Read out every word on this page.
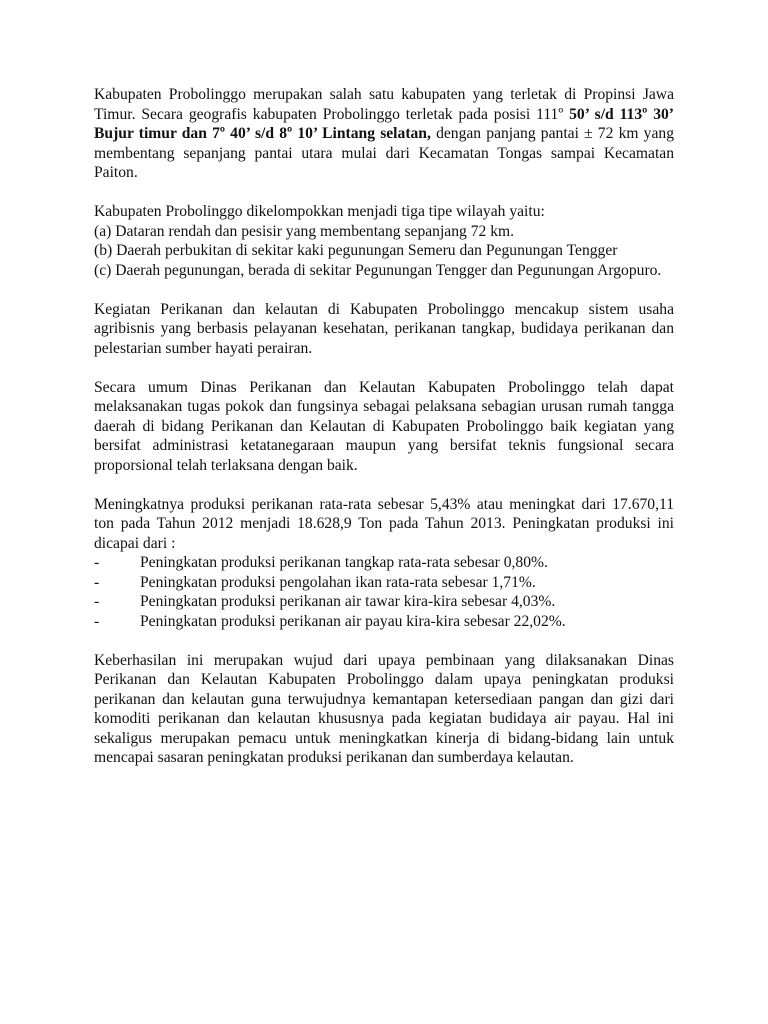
Kabupaten Probolinggo merupakan salah satu kabupaten yang terletak di Propinsi Jawa Timur. Secara geografis kabupaten Probolinggo terletak pada posisi 111º 50’ s/d 113º 30’ Bujur timur dan 7º 40’ s/d 8º 10’ Lintang selatan, dengan panjang pantai ± 72 km yang membentang sepanjang pantai utara mulai dari Kecamatan Tongas sampai Kecamatan Paiton.

Kabupaten Probolinggo dikelompokkan menjadi tiga tipe wilayah yaitu:
(a) Dataran rendah dan pesisir yang membentang sepanjang 72 km.
(b) Daerah perbukitan di sekitar kaki pegunungan Semeru dan Pegunungan Tengger
(c) Daerah pegunungan, berada di sekitar Pegunungan Tengger dan Pegunungan Argopuro.

Kegiatan Perikanan dan kelautan di Kabupaten Probolinggo mencakup sistem usaha agribisnis yang berbasis pelayanan kesehatan, perikanan tangkap, budidaya perikanan dan pelestarian sumber hayati perairan.

Secara umum Dinas Perikanan dan Kelautan Kabupaten Probolinggo telah dapat melaksanakan tugas pokok dan fungsinya sebagai pelaksana sebagian urusan rumah tangga daerah di bidang Perikanan dan Kelautan di Kabupaten Probolinggo baik kegiatan yang bersifat administrasi ketatanegaraan maupun yang bersifat teknis fungsional secara proporsional telah terlaksana dengan baik.

Meningkatnya produksi perikanan rata-rata sebesar 5,43% atau meningkat dari 17.670,11 ton pada Tahun 2012 menjadi 18.628,9 Ton pada Tahun 2013. Peningkatan produksi ini dicapai dari :
-	Peningkatan produksi perikanan tangkap rata-rata sebesar 0,80%.
-	Peningkatan produksi pengolahan ikan rata-rata sebesar 1,71%.
-	Peningkatan produksi perikanan air tawar kira-kira sebesar 4,03%.
-	Peningkatan produksi perikanan air payau kira-kira sebesar 22,02%.

Keberhasilan ini merupakan wujud dari upaya pembinaan yang dilaksanakan Dinas Perikanan dan Kelautan Kabupaten Probolinggo dalam upaya peningkatan produksi perikanan dan kelautan guna terwujudnya kemantapan ketersediaan pangan dan gizi dari komoditi perikanan dan kelautan khususnya pada kegiatan budidaya air payau. Hal ini sekaligus merupakan pemacu untuk meningkatkan kinerja di bidang-bidang lain untuk mencapai sasaran peningkatan produksi perikanan dan sumberdaya kelautan.
